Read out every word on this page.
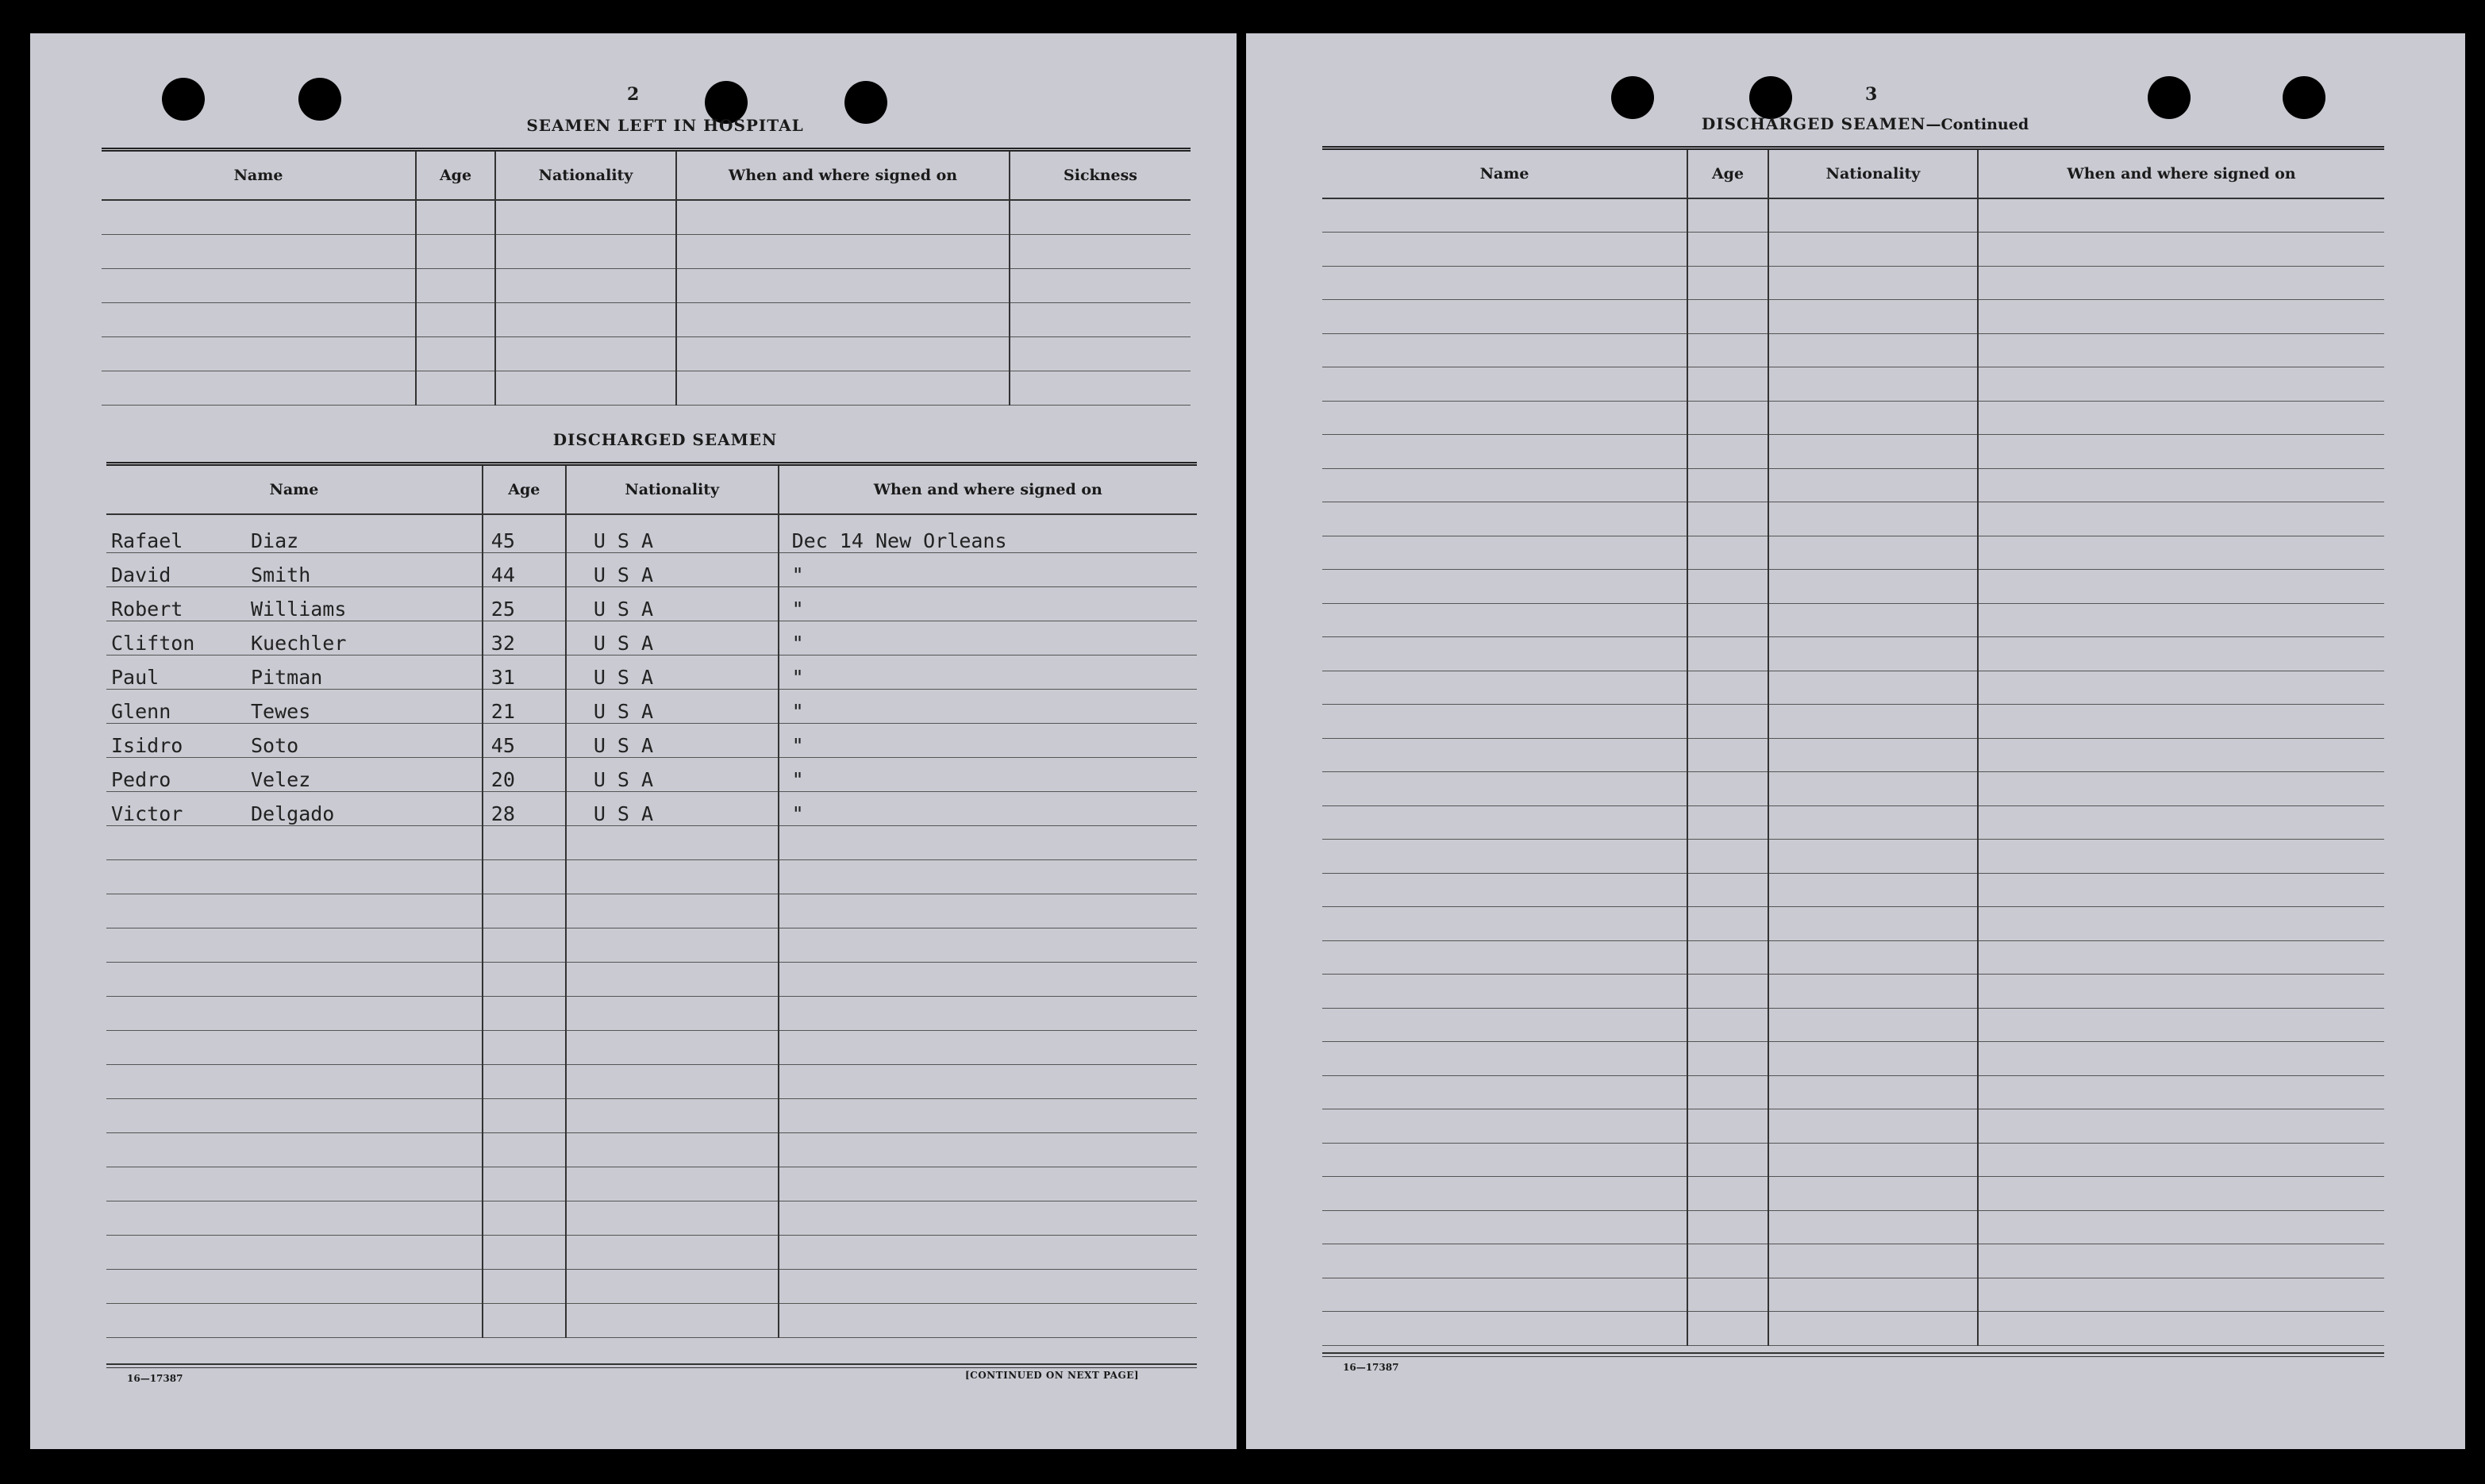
2
SEAMEN LEFT IN HOSPITAL
Name	Age	Nationality	When and where signed on	Sickness

DISCHARGED SEAMEN
Name	Age	Nationality	When and where signed on
Rafael Diaz	45	U S A	Dec 14 New Orleans
David Smith	44	U S A	"
Robert Williams	25	U S A	"
Clifton Kuechler	32	U S A	"
Paul Pitman	31	U S A	"
Glenn Tewes	21	U S A	"
Isidro Soto	45	U S A	"
Pedro Velez	20	U S A	"
Victor Delgado	28	U S A	"

16—17387	[CONTINUED ON NEXT PAGE]
3
DISCHARGED SEAMEN—Continued
Name	Age	Nationality	When and where signed on

16—17387
